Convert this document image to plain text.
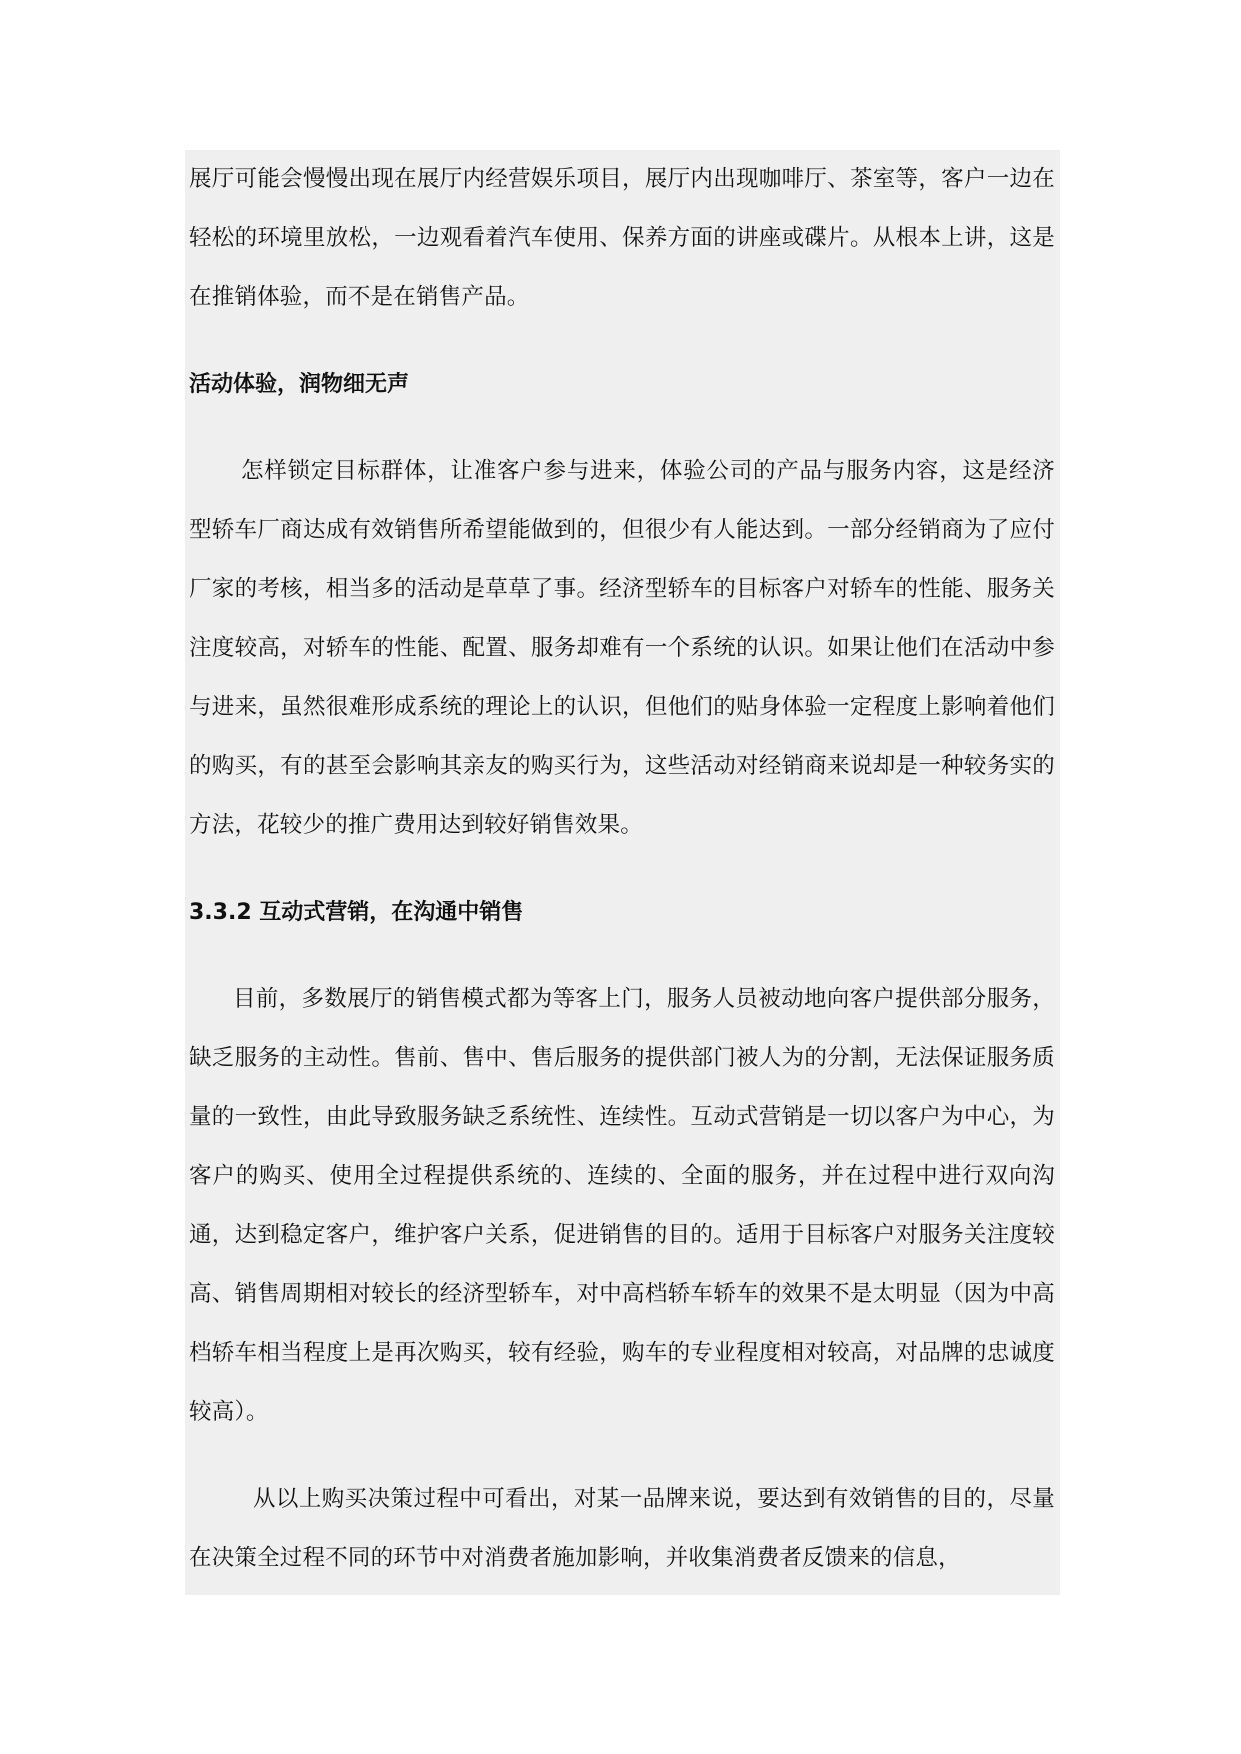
展厅可能会慢慢出现在展厅内经营娱乐项目，展厅内出现咖啡厅、茶室等，客户一边在轻松的环境里放松，一边观看着汽车使用、保养方面的讲座或碟片。从根本上讲，这是在推销体验，而不是在销售产品。

活动体验，润物细无声

怎样锁定目标群体，让准客户参与进来，体验公司的产品与服务内容，这是经济型轿车厂商达成有效销售所希望能做到的，但很少有人能达到。一部分经销商为了应付厂家的考核，相当多的活动是草草了事。经济型轿车的目标客户对轿车的性能、服务关注度较高，对轿车的性能、配置、服务却难有一个系统的认识。如果让他们在活动中参与进来，虽然很难形成系统的理论上的认识，但他们的贴身体验一定程度上影响着他们的购买，有的甚至会影响其亲友的购买行为，这些活动对经销商来说却是一种较务实的方法，花较少的推广费用达到较好销售效果。

3.3.2 互动式营销，在沟通中销售

目前，多数展厅的销售模式都为等客上门，服务人员被动地向客户提供部分服务，缺乏服务的主动性。售前、售中、售后服务的提供部门被人为的分割，无法保证服务质量的一致性，由此导致服务缺乏系统性、连续性。互动式营销是一切以客户为中心，为客户的购买、使用全过程提供系统的、连续的、全面的服务，并在过程中进行双向沟通，达到稳定客户，维护客户关系，促进销售的目的。适用于目标客户对服务关注度较高、销售周期相对较长的经济型轿车，对中高档轿车轿车的效果不是太明显（因为中高档轿车相当程度上是再次购买，较有经验，购车的专业程度相对较高，对品牌的忠诚度较高）。

从以上购买决策过程中可看出，对某一品牌来说，要达到有效销售的目的，尽量在决策全过程不同的环节中对消费者施加影响，并收集消费者反馈来的信息，
